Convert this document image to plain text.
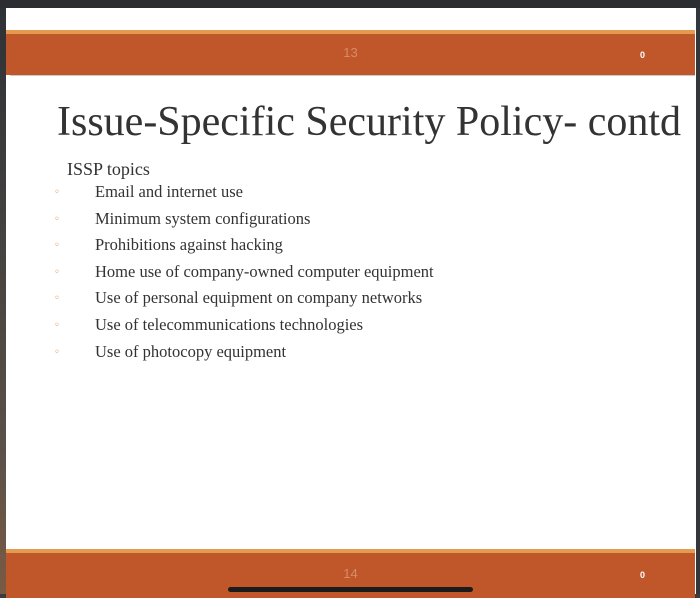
13	0
Issue-Specific Security Policy- contd
ISSP topics
◦ Email and internet use
◦ Minimum system configurations
◦ Prohibitions against hacking
◦ Home use of company-owned computer equipment
◦ Use of personal equipment on company networks
◦ Use of telecommunications technologies
◦ Use of photocopy equipment
14	0
